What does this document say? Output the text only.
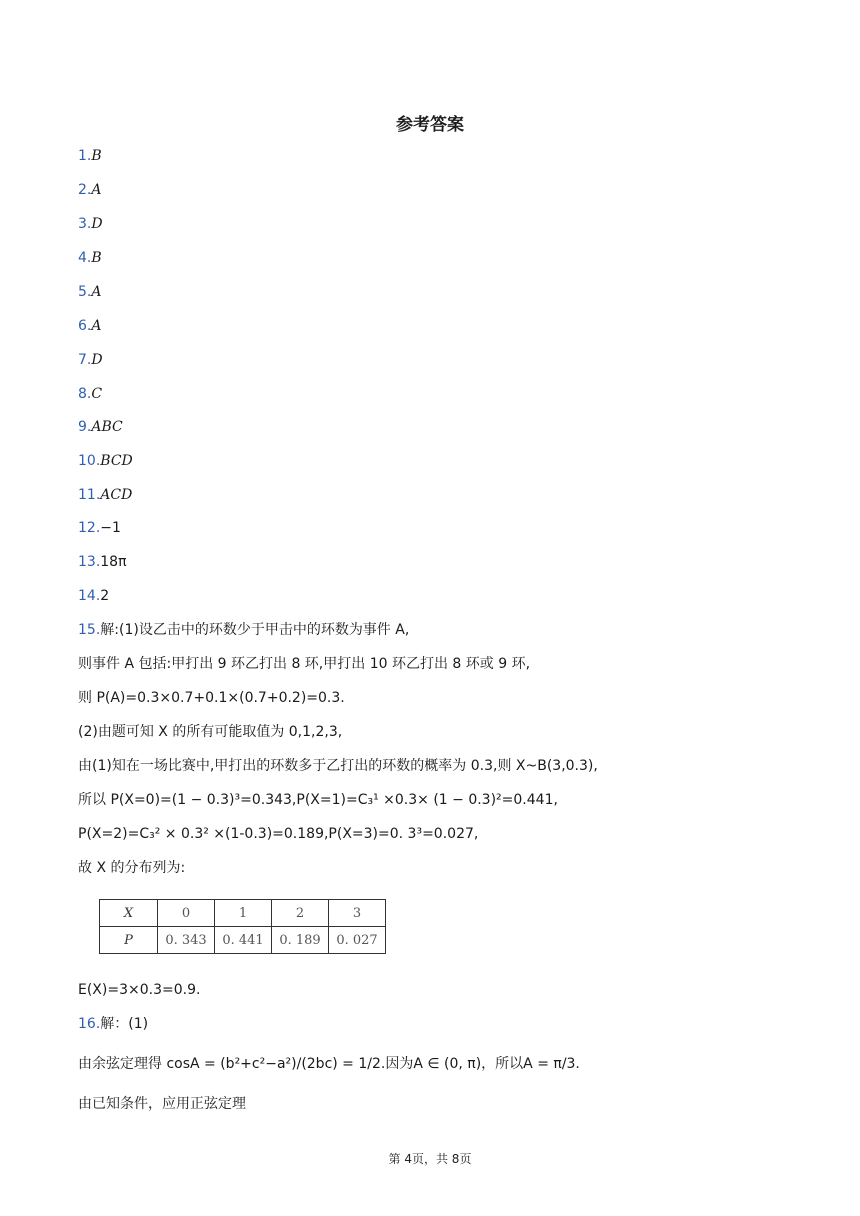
参考答案
1.B
2.A
3.D
4.B
5.A
6.A
7.D
8.C
9.ABC
10.BCD
11.ACD
12.−1
13.18π
14.2
15.解:(1)设乙击中的环数少于甲击中的环数为事件 A,
则事件 A 包括:甲打出 9 环乙打出 8 环,甲打出 10 环乙打出 8 环或 9 环,
则 P(A)=0.3×0.7+0.1×(0.7+0.2)=0.3.
(2)由题可知 X 的所有可能取值为 0,1,2,3,
由(1)知在一场比赛中,甲打出的环数多于乙打出的环数的概率为 0.3,则 X~B(3,0.3),
所以 P(X=0)=(1 − 0.3)³=0.343,P(X=1)=C₃¹ ×0.3× (1 − 0.3)²=0.441,
P(X=2)=C₃² × 0.3² ×(1-0.3)=0.189,P(X=3)=0. 3³=0.027,
故 X 的分布列为:
X	0	1	2	3
P	0. 343	0. 441	0. 189	0. 027
E(X)=3×0.3=0.9.
16.解：(1)
由余弦定理得 cosA = (b²+c²−a²)/(2bc) = 1/2.因为A ∈ (0, π)，所以A = π/3.
由已知条件，应用正弦定理
第 4页，共 8页
